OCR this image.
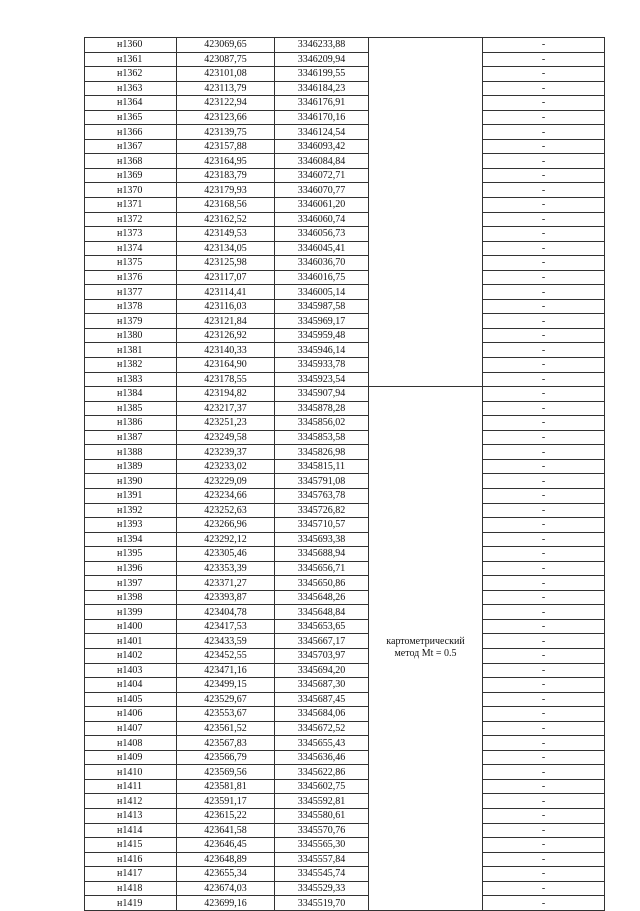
н1360	423069,65	3346233,88		-
н1361	423087,75	3346209,94		-
н1362	423101,08	3346199,55		-
н1363	423113,79	3346184,23		-
н1364	423122,94	3346176,91		-
н1365	423123,66	3346170,16		-
н1366	423139,75	3346124,54		-
н1367	423157,88	3346093,42		-
н1368	423164,95	3346084,84		-
н1369	423183,79	3346072,71		-
н1370	423179,93	3346070,77		-
н1371	423168,56	3346061,20		-
н1372	423162,52	3346060,74		-
н1373	423149,53	3346056,73		-
н1374	423134,05	3346045,41		-
н1375	423125,98	3346036,70		-
н1376	423117,07	3346016,75		-
н1377	423114,41	3346005,14		-
н1378	423116,03	3345987,58		-
н1379	423121,84	3345969,17		-
н1380	423126,92	3345959,48		-
н1381	423140,33	3345946,14		-
н1382	423164,90	3345933,78		-
н1383	423178,55	3345923,54		-
н1384	423194,82	3345907,94	картометрический метод Mt = 0.5	-
н1385	423217,37	3345878,28		-
н1386	423251,23	3345856,02		-
н1387	423249,58	3345853,58		-
н1388	423239,37	3345826,98		-
н1389	423233,02	3345815,11		-
н1390	423229,09	3345791,08		-
н1391	423234,66	3345763,78		-
н1392	423252,63	3345726,82		-
н1393	423266,96	3345710,57		-
н1394	423292,12	3345693,38		-
н1395	423305,46	3345688,94		-
н1396	423353,39	3345656,71		-
н1397	423371,27	3345650,86		-
н1398	423393,87	3345648,26		-
н1399	423404,78	3345648,84		-
н1400	423417,53	3345653,65		-
н1401	423433,59	3345667,17		-
н1402	423452,55	3345703,97		-
н1403	423471,16	3345694,20		-
н1404	423499,15	3345687,30		-
н1405	423529,67	3345687,45		-
н1406	423553,67	3345684,06		-
н1407	423561,52	3345672,52		-
н1408	423567,83	3345655,43		-
н1409	423566,79	3345636,46		-
н1410	423569,56	3345622,86		-
н1411	423581,81	3345602,75		-
н1412	423591,17	3345592,81		-
н1413	423615,22	3345580,61		-
н1414	423641,58	3345570,76		-
н1415	423646,45	3345565,30		-
н1416	423648,89	3345557,84		-
н1417	423655,34	3345545,74		-
н1418	423674,03	3345529,33		-
н1419	423699,16	3345519,70		-
